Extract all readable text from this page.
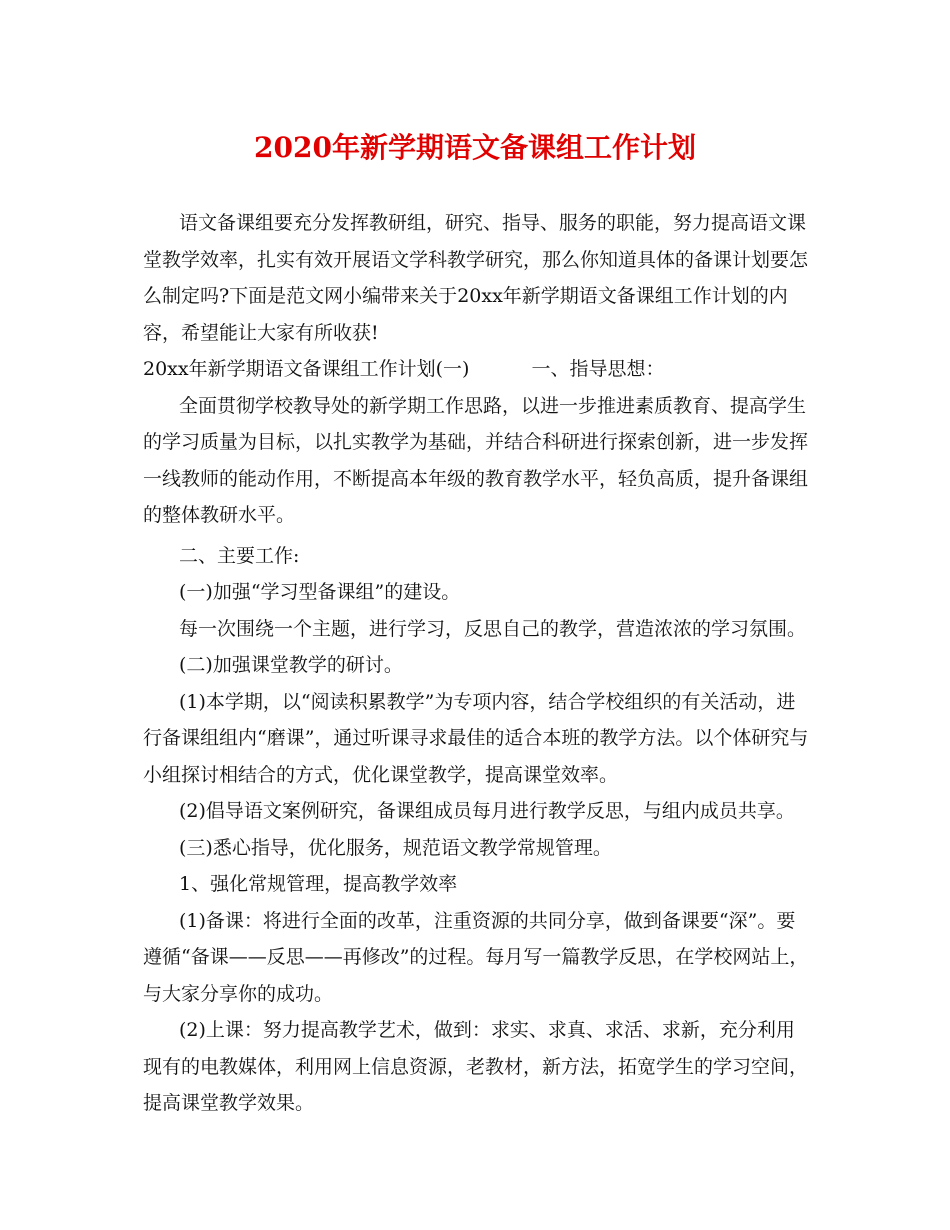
2020年新学期语文备课组工作计划

语文备课组要充分发挥教研组，研究、指导、服务的职能，努力提高语文课堂教学效率，扎实有效开展语文学科教学研究，那么你知道具体的备课计划要怎么制定吗?下面是范文网小编带来关于20xx年新学期语文备课组工作计划的内容，希望能让大家有所收获!

20xx年新学期语文备课组工作计划(一)	一、指导思想：

全面贯彻学校教导处的新学期工作思路，以进一步推进素质教育、提高学生的学习质量为目标，以扎实教学为基础，并结合科研进行探索创新，进一步发挥一线教师的能动作用，不断提高本年级的教育教学水平，轻负高质，提升备课组的整体教研水平。

二、主要工作:

(一)加强“学习型备课组”的建设。

每一次围绕一个主题，进行学习，反思自己的教学，营造浓浓的学习氛围。

(二)加强课堂教学的研讨。

(1)本学期，以“阅读积累教学”为专项内容，结合学校组织的有关活动，进行备课组组内“磨课”，通过听课寻求最佳的适合本班的教学方法。以个体研究与小组探讨相结合的方式，优化课堂教学，提高课堂效率。

(2)倡导语文案例研究，备课组成员每月进行教学反思，与组内成员共享。

(三)悉心指导，优化服务，规范语文教学常规管理。

1、强化常规管理，提高教学效率

(1)备课：将进行全面的改革，注重资源的共同分享，做到备课要“深”。要遵循“备课——反思——再修改”的过程。每月写一篇教学反思，在学校网站上，与大家分享你的成功。

(2)上课：努力提高教学艺术，做到：求实、求真、求活、求新，充分利用现有的电教媒体，利用网上信息资源，老教材，新方法，拓宽学生的学习空间，提高课堂教学效果。
